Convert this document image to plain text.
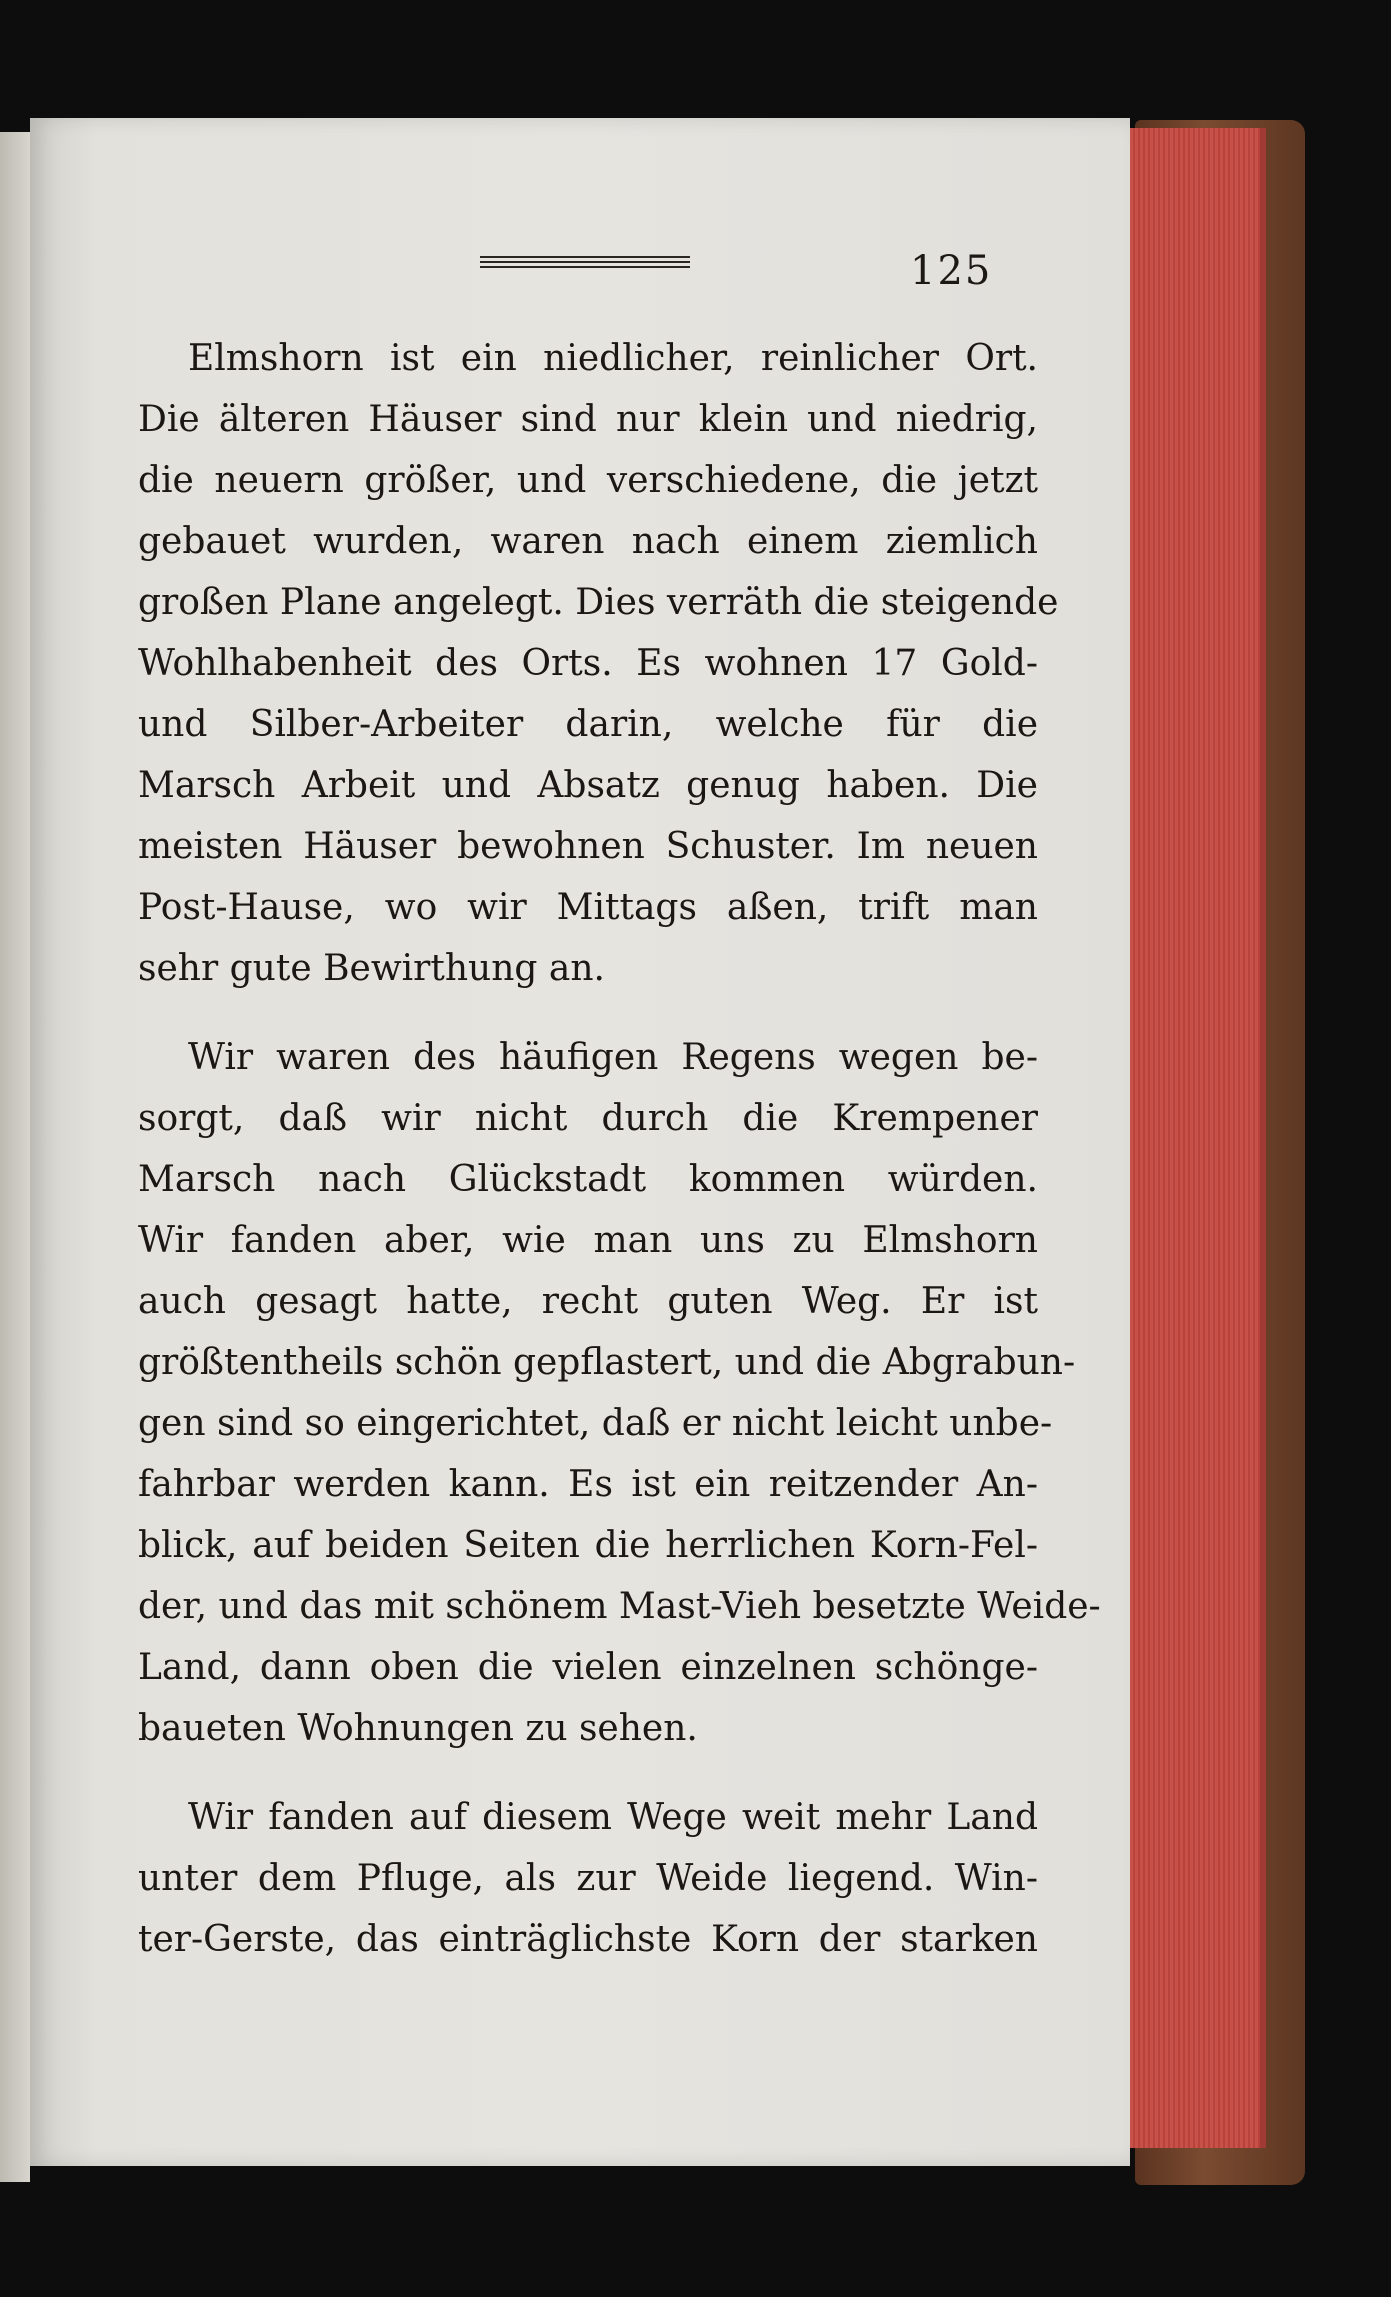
125

Elmshorn ist ein niedlicher, reinlicher Ort.
Die älteren Häuser sind nur klein und niedrig,
die neuern größer, und verschiedene, die jetzt
gebauet wurden, waren nach einem ziemlich
großen Plane angelegt. Dies verräth die steigende
Wohlhabenheit des Orts. Es wohnen 17 Gold-
und Silber-Arbeiter darin, welche für die
Marsch Arbeit und Absatz genug haben. Die
meisten Häuser bewohnen Schuster. Im neuen
Post-Hause, wo wir Mittags aßen, trift man
sehr gute Bewirthung an.

Wir waren des häufigen Regens wegen be-
sorgt, daß wir nicht durch die Krempener
Marsch nach Glückstadt kommen würden.
Wir fanden aber, wie man uns zu Elmshorn
auch gesagt hatte, recht guten Weg. Er ist
größtentheils schön gepflastert, und die Abgrabun-
gen sind so eingerichtet, daß er nicht leicht unbe-
fahrbar werden kann. Es ist ein reitzender An-
blick, auf beiden Seiten die herrlichen Korn-Fel-
der, und das mit schönem Mast-Vieh besetzte Weide-
Land, dann oben die vielen einzelnen schönge-
baueten Wohnungen zu sehen.

Wir fanden auf diesem Wege weit mehr Land
unter dem Pfluge, als zur Weide liegend. Win-
ter-Gerste, das einträglichste Korn der starken
